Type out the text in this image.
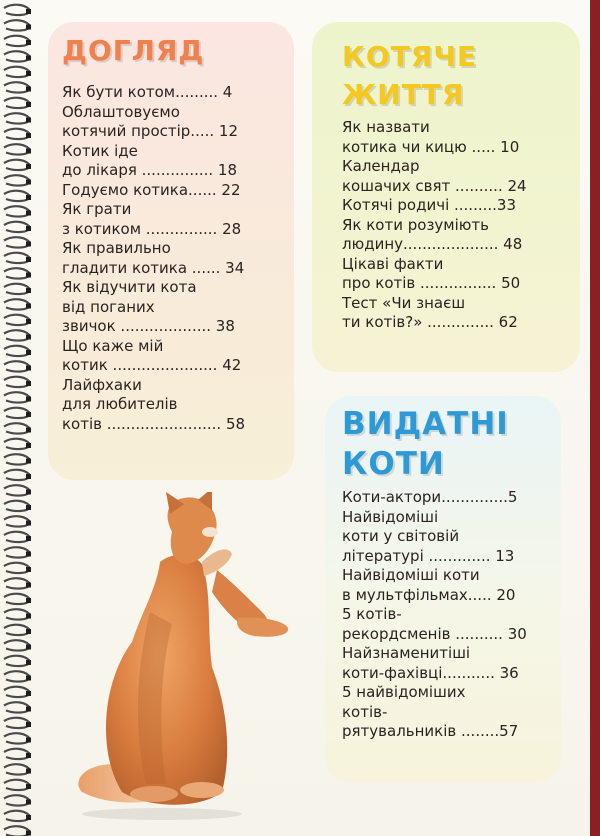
ДОГЛЯД	КОТЯЧЕ
ЖИТТЯ
ВИДАТНІ
КОТИ
Як бути котом......... 4
Облаштовуємо
котячий простір..... 12
Котик іде
до лікаря ............... 18
Годуємо котика...... 22
Як грати
з котиком ............... 28
Як правильно
гладити котика ...... 34
Як відучити кота
від поганих
звичок ................... 38
Що каже мій
котик ...................... 42
Лайфхаки
для любителів
котів ........................ 58
Як назвати
котика чи кицю ..... 10
Календар
кошачих свят .......... 24
Котячі родичі .........33
Як коти розуміють
людину.................... 48
Цікаві факти
про котів ................ 50
Тест «Чи знаєш
ти котів?» .............. 62
Коти-актори..............5
Найвідоміші
коти у світовій
літературі ............. 13
Найвідоміші коти
в мультфільмах..... 20
5 котів-
рекордсменів .......... 30
Найзнаменитіші
коти-фахівці........... 36
5 найвідоміших
котів-
рятувальників ........57
